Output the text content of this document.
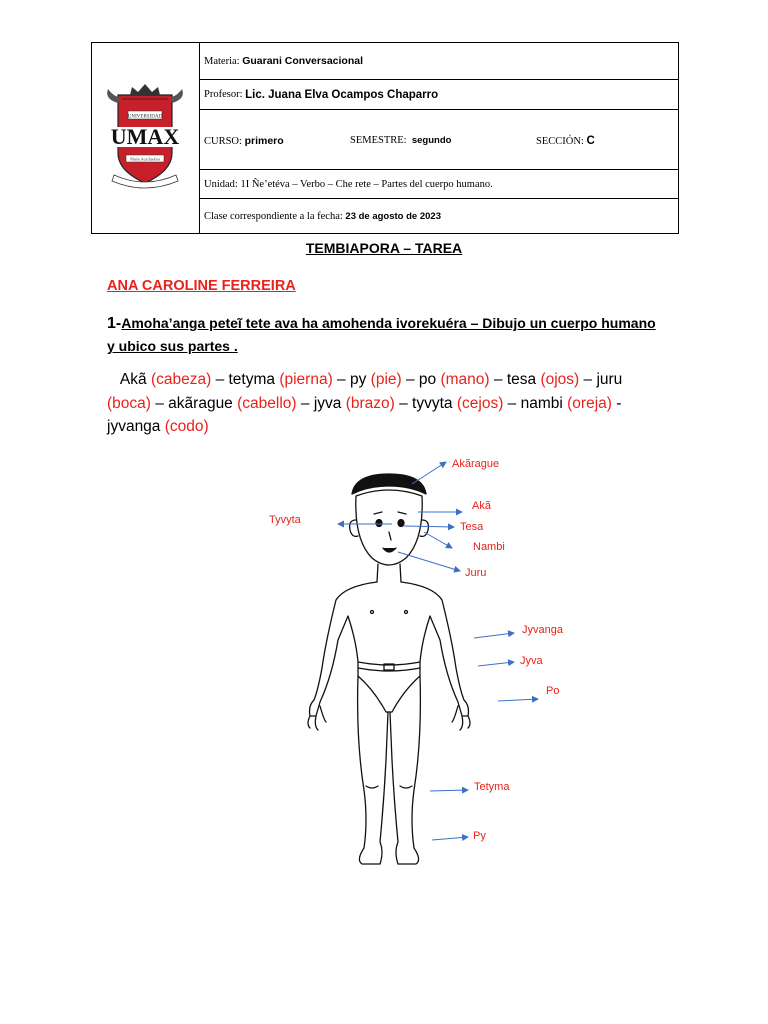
UNIVERSIDAD
UMAX
María Auxiliadora
Materia:
Guarani Conversacional
Profesor:
Lic. Juana Elva Ocampos Chaparro
CURSO: primero	SEMESTRE: segundo	SECCIÓN: C
Unidad: 1I Ñe’etéva – Verbo – Che rete – Partes del cuerpo humano.
Clase correspondiente a la fecha:
23 de agosto de 2023
TEMBIAPORA – TAREA
ANA CAROLINE FERREIRA
1-Amoha’anga peteĩ tete ava ha amohenda ivorekuéra – Dibujo un cuerpo humano y ubico sus partes .
Akã (cabeza) – tetyma (pierna) – py (pie) – po (mano) – tesa (ojos) – juru (boca) – akãrague (cabello) – jyva (brazo) – tyvyta (cejos) – nambi (oreja) - jyvanga (codo)
Akãrague
Akã
Tyvyta
Tesa
Nambi
Juru
Jyvanga
Jyva
Po
Tetyma
Py
